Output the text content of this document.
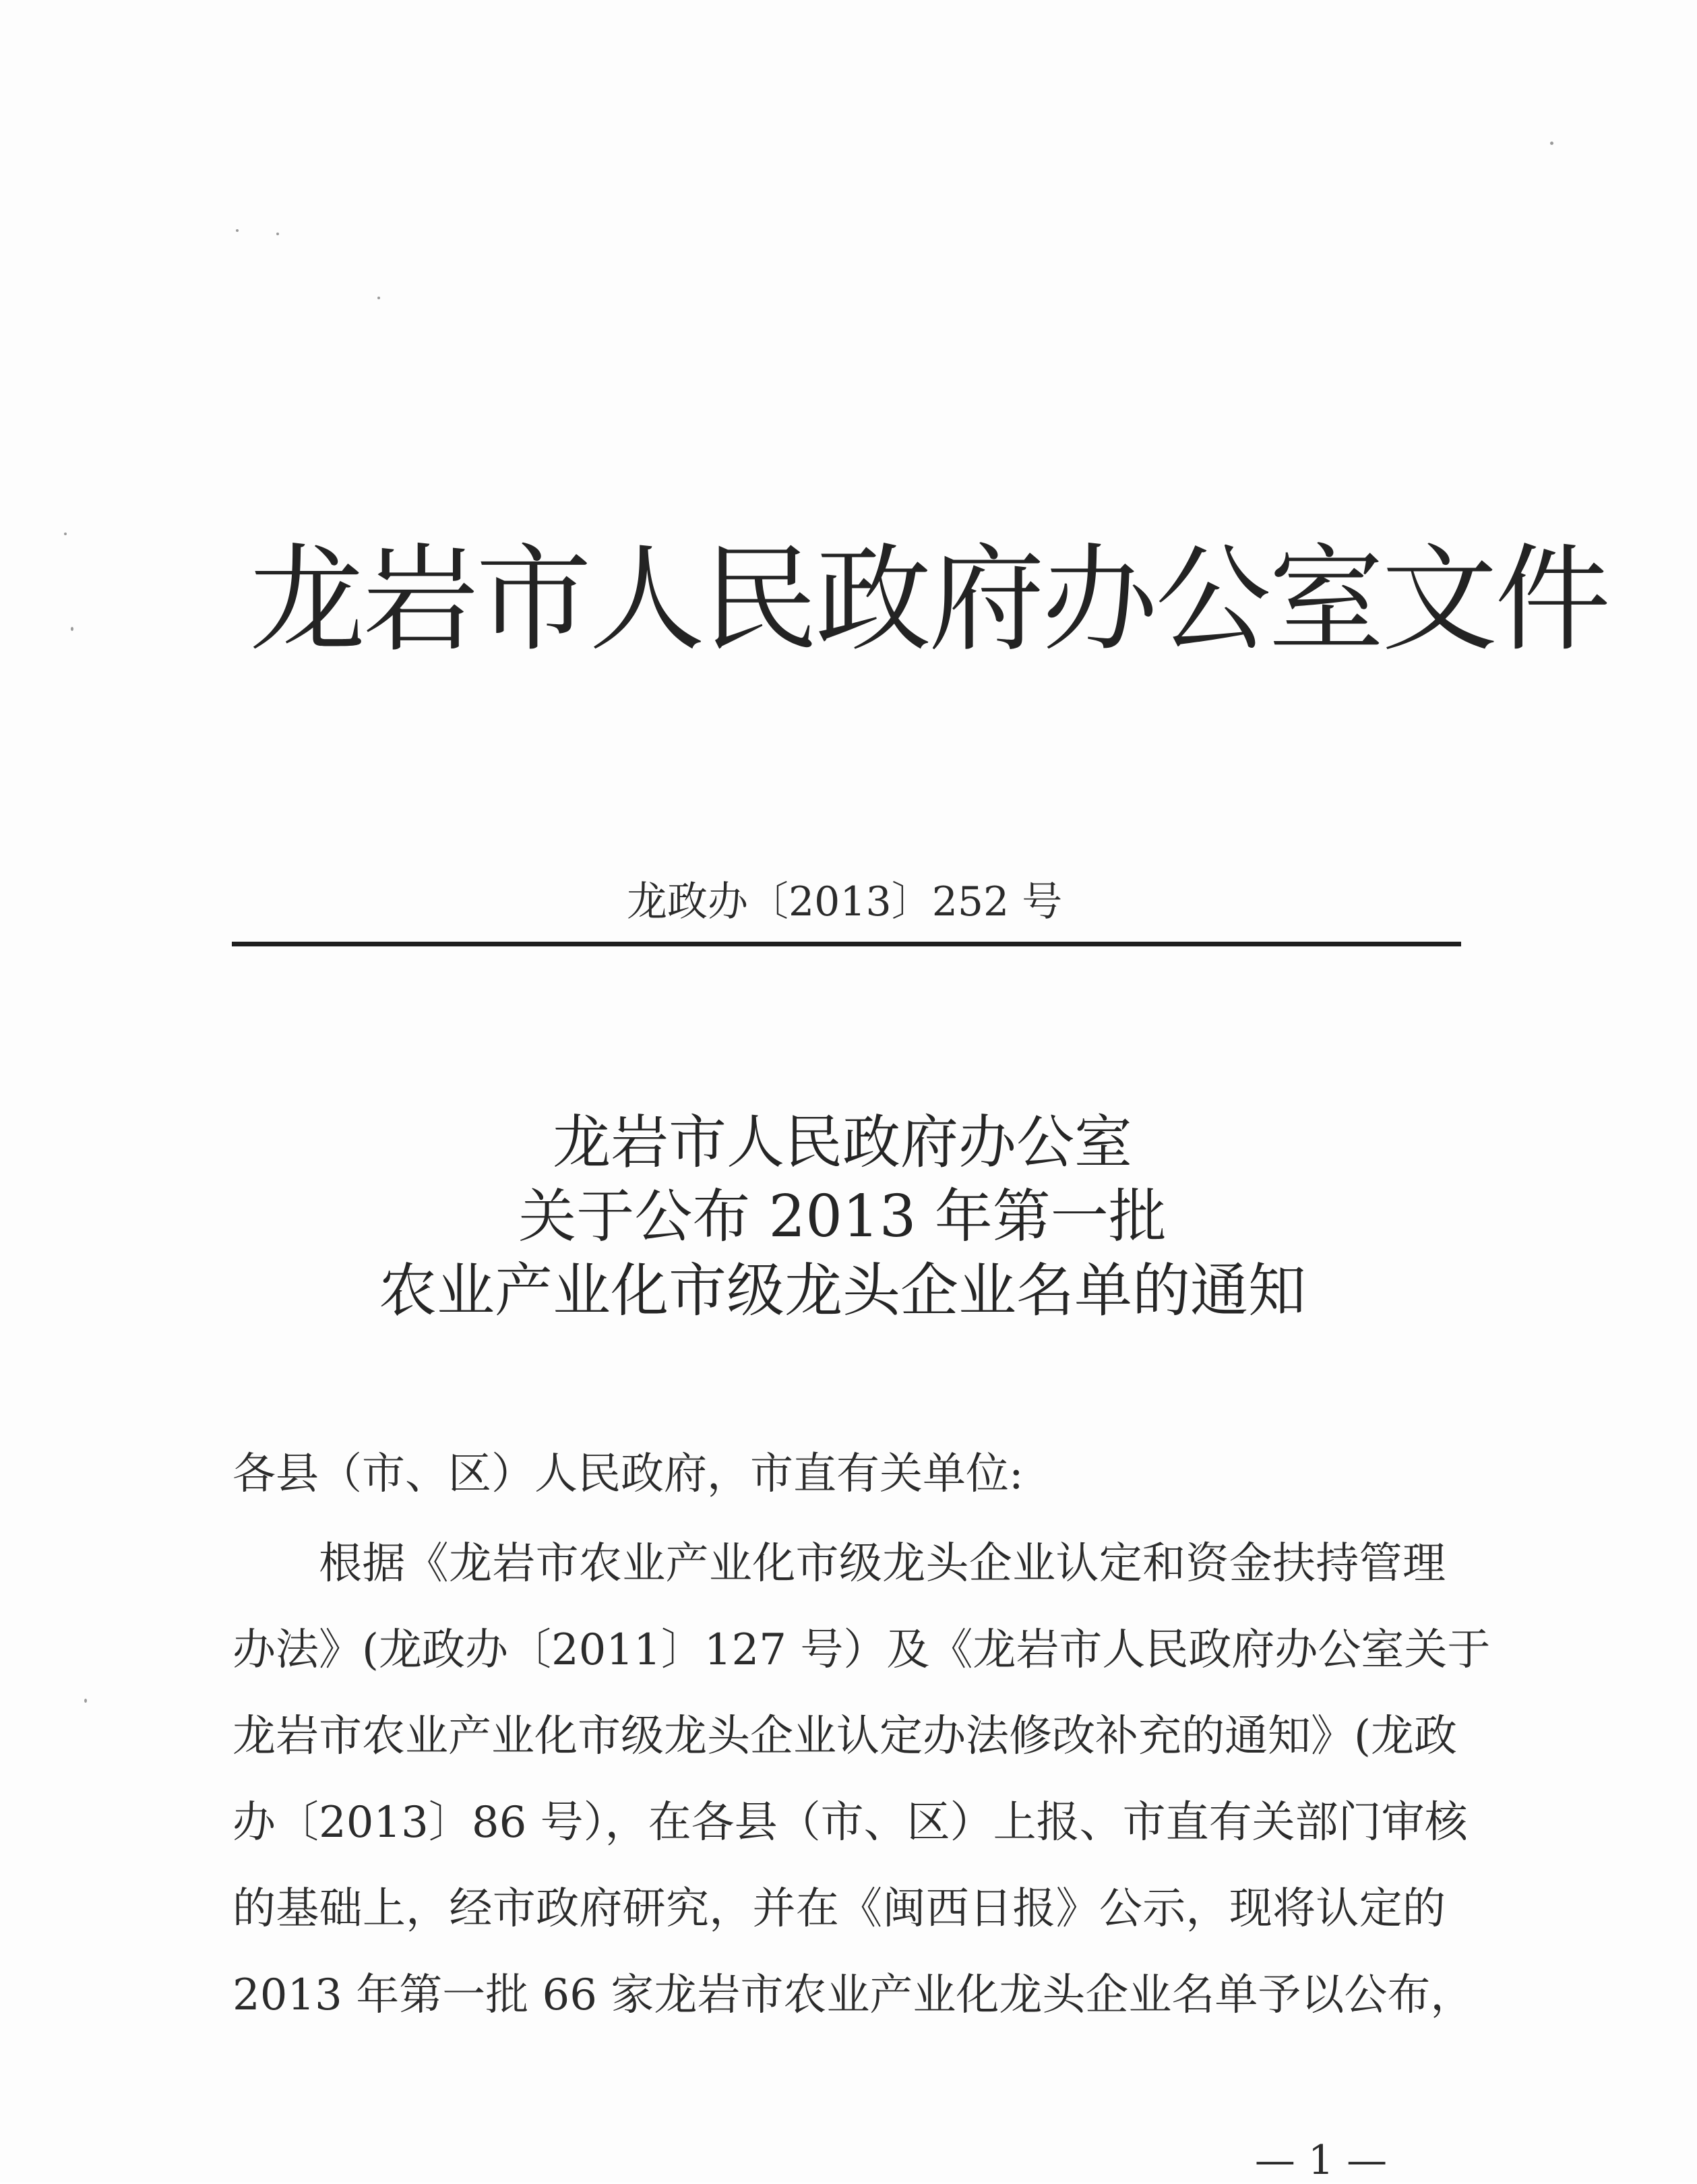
龙岩市人民政府办公室文件
龙政办〔2013〕252 号
龙岩市人民政府办公室
关于公布 2013 年第一批
农业产业化市级龙头企业名单的通知
各县（市、区）人民政府，市直有关单位:
根据《龙岩市农业产业化市级龙头企业认定和资金扶持管理
办法》(龙政办〔2011〕127 号）及《龙岩市人民政府办公室关于
龙岩市农业产业化市级龙头企业认定办法修改补充的通知》(龙政
办〔2013〕86 号），在各县（市、区）上报、市直有关部门审核
的基础上，经市政府研究，并在《闽西日报》公示，现将认定的
2013 年第一批 66 家龙岩市农业产业化龙头企业名单予以公布，
— 1 —
